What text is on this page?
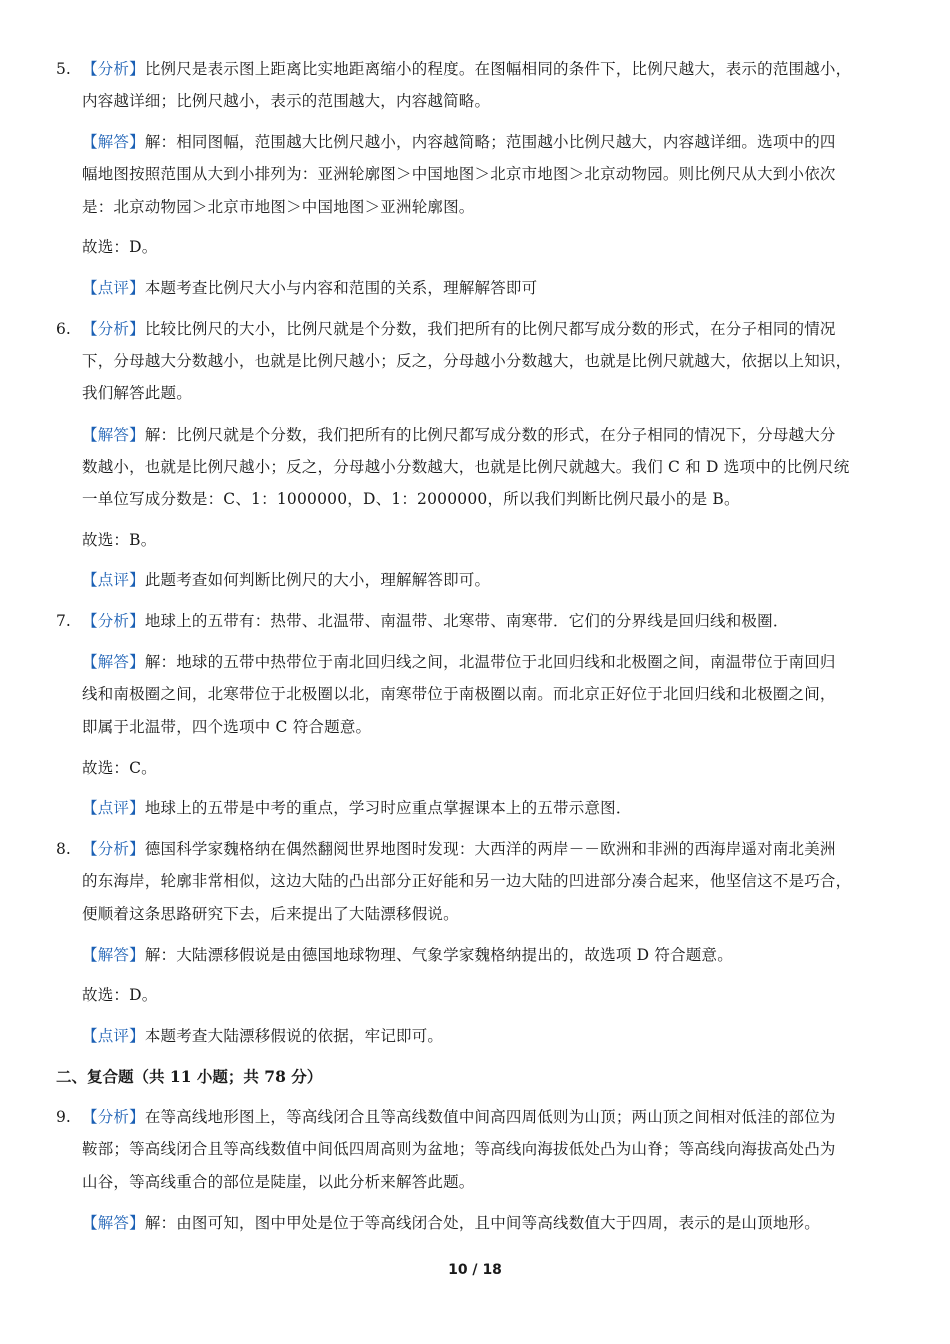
5. 【分析】比例尺是表示图上距离比实地距离缩小的程度。在图幅相同的条件下，比例尺越大，表示的范围越小，
内容越详细；比例尺越小，表示的范围越大，内容越简略。
【解答】解：相同图幅，范围越大比例尺越小，内容越简略；范围越小比例尺越大，内容越详细。选项中的四
幅地图按照范围从大到小排列为：亚洲轮廓图＞中国地图＞北京市地图＞北京动物园。则比例尺从大到小依次
是：北京动物园＞北京市地图＞中国地图＞亚洲轮廓图。
故选：D。
【点评】本题考查比例尺大小与内容和范围的关系，理解解答即可
6. 【分析】比较比例尺的大小，比例尺就是个分数，我们把所有的比例尺都写成分数的形式，在分子相同的情况
下，分母越大分数越小，也就是比例尺越小；反之，分母越小分数越大，也就是比例尺就越大，依据以上知识，
我们解答此题。
【解答】解：比例尺就是个分数，我们把所有的比例尺都写成分数的形式，在分子相同的情况下，分母越大分
数越小，也就是比例尺越小；反之，分母越小分数越大，也就是比例尺就越大。我们 C 和 D 选项中的比例尺统
一单位写成分数是：C、1：1000000，D、1：2000000，所以我们判断比例尺最小的是 B。
故选：B。
【点评】此题考查如何判断比例尺的大小，理解解答即可。
7. 【分析】地球上的五带有：热带、北温带、南温带、北寒带、南寒带．它们的分界线是回归线和极圈．
【解答】解：地球的五带中热带位于南北回归线之间，北温带位于北回归线和北极圈之间，南温带位于南回归
线和南极圈之间，北寒带位于北极圈以北，南寒带位于南极圈以南。而北京正好位于北回归线和北极圈之间，
即属于北温带，四个选项中 C 符合题意。
故选：C。
【点评】地球上的五带是中考的重点，学习时应重点掌握课本上的五带示意图．
8. 【分析】德国科学家魏格纳在偶然翻阅世界地图时发现：大西洋的两岸－－欧洲和非洲的西海岸遥对南北美洲
的东海岸，轮廓非常相似，这边大陆的凸出部分正好能和另一边大陆的凹进部分凑合起来，他坚信这不是巧合，
便顺着这条思路研究下去，后来提出了大陆漂移假说。
【解答】解：大陆漂移假说是由德国地球物理、气象学家魏格纳提出的，故选项 D 符合题意。
故选：D。
【点评】本题考查大陆漂移假说的依据，牢记即可。
二、复合题（共 11 小题；共 78 分）
9. 【分析】在等高线地形图上，等高线闭合且等高线数值中间高四周低则为山顶；两山顶之间相对低洼的部位为
鞍部；等高线闭合且等高线数值中间低四周高则为盆地；等高线向海拔低处凸为山脊；等高线向海拔高处凸为
山谷，等高线重合的部位是陡崖，以此分析来解答此题。
【解答】解：由图可知，图中甲处是位于等高线闭合处，且中间等高线数值大于四周，表示的是山顶地形。
10 / 18
